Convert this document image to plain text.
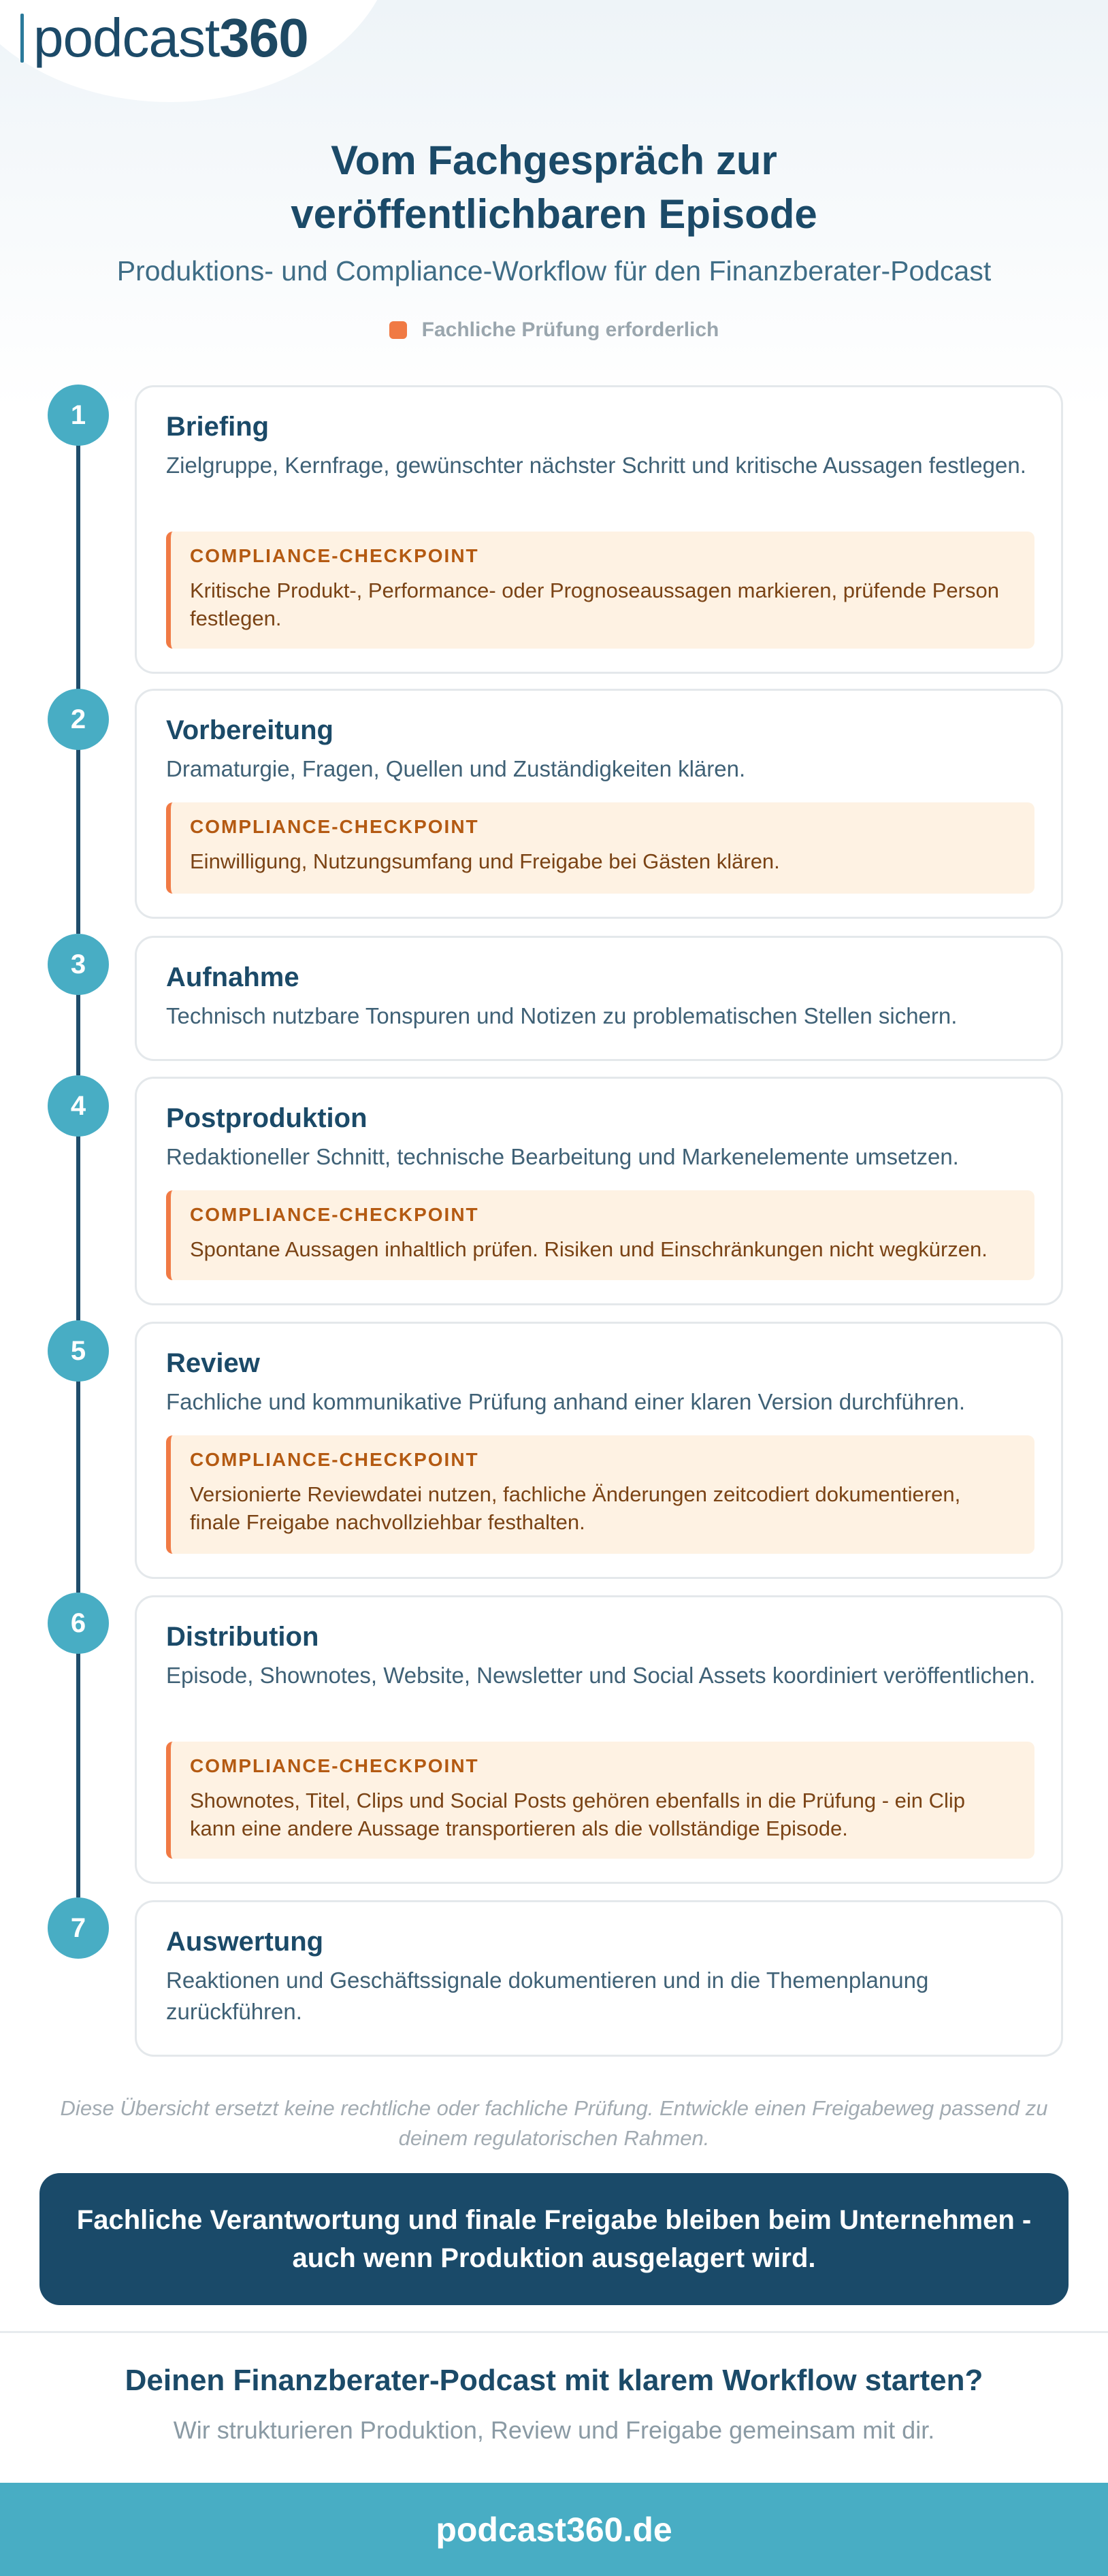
podcast 360
Vom Fachgespräch zur
veröffentlichbaren Episode
Produktions- und Compliance-Workflow für den Finanzberater-Podcast
Fachliche Prüfung erforderlich
1	Briefing
Zielgruppe, Kernfrage, gewünschter nächster Schritt und kritische Aussagen festlegen.
COMPLIANCE-CHECKPOINT
Kritische Produkt-, Performance- oder Prognoseaussagen markieren, prüfende Person festlegen.
2	Vorbereitung
Dramaturgie, Fragen, Quellen und Zuständigkeiten klären.
COMPLIANCE-CHECKPOINT
Einwilligung, Nutzungsumfang und Freigabe bei Gästen klären.
3	Aufnahme
Technisch nutzbare Tonspuren und Notizen zu problematischen Stellen sichern.
4	Postproduktion
Redaktioneller Schnitt, technische Bearbeitung und Markenelemente umsetzen.
COMPLIANCE-CHECKPOINT
Spontane Aussagen inhaltlich prüfen. Risiken und Einschränkungen nicht wegkürzen.
5	Review
Fachliche und kommunikative Prüfung anhand einer klaren Version durchführen.
COMPLIANCE-CHECKPOINT
Versionierte Reviewdatei nutzen, fachliche Änderungen zeitcodiert dokumentieren, finale Freigabe nachvollziehbar festhalten.
6	Distribution
Episode, Shownotes, Website, Newsletter und Social Assets koordiniert veröffentlichen.
COMPLIANCE-CHECKPOINT
Shownotes, Titel, Clips und Social Posts gehören ebenfalls in die Prüfung - ein Clip kann eine andere Aussage transportieren als die vollständige Episode.
7	Auswertung
Reaktionen und Geschäftssignale dokumentieren und in die Themenplanung zurückführen.
Diese Übersicht ersetzt keine rechtliche oder fachliche Prüfung. Entwickle einen Freigabeweg passend zu deinem regulatorischen Rahmen.
Fachliche Verantwortung und finale Freigabe bleiben beim Unternehmen - auch wenn Produktion ausgelagert wird.
Deinen Finanzberater-Podcast mit klarem Workflow starten?
Wir strukturieren Produktion, Review und Freigabe gemeinsam mit dir.
podcast360.de
